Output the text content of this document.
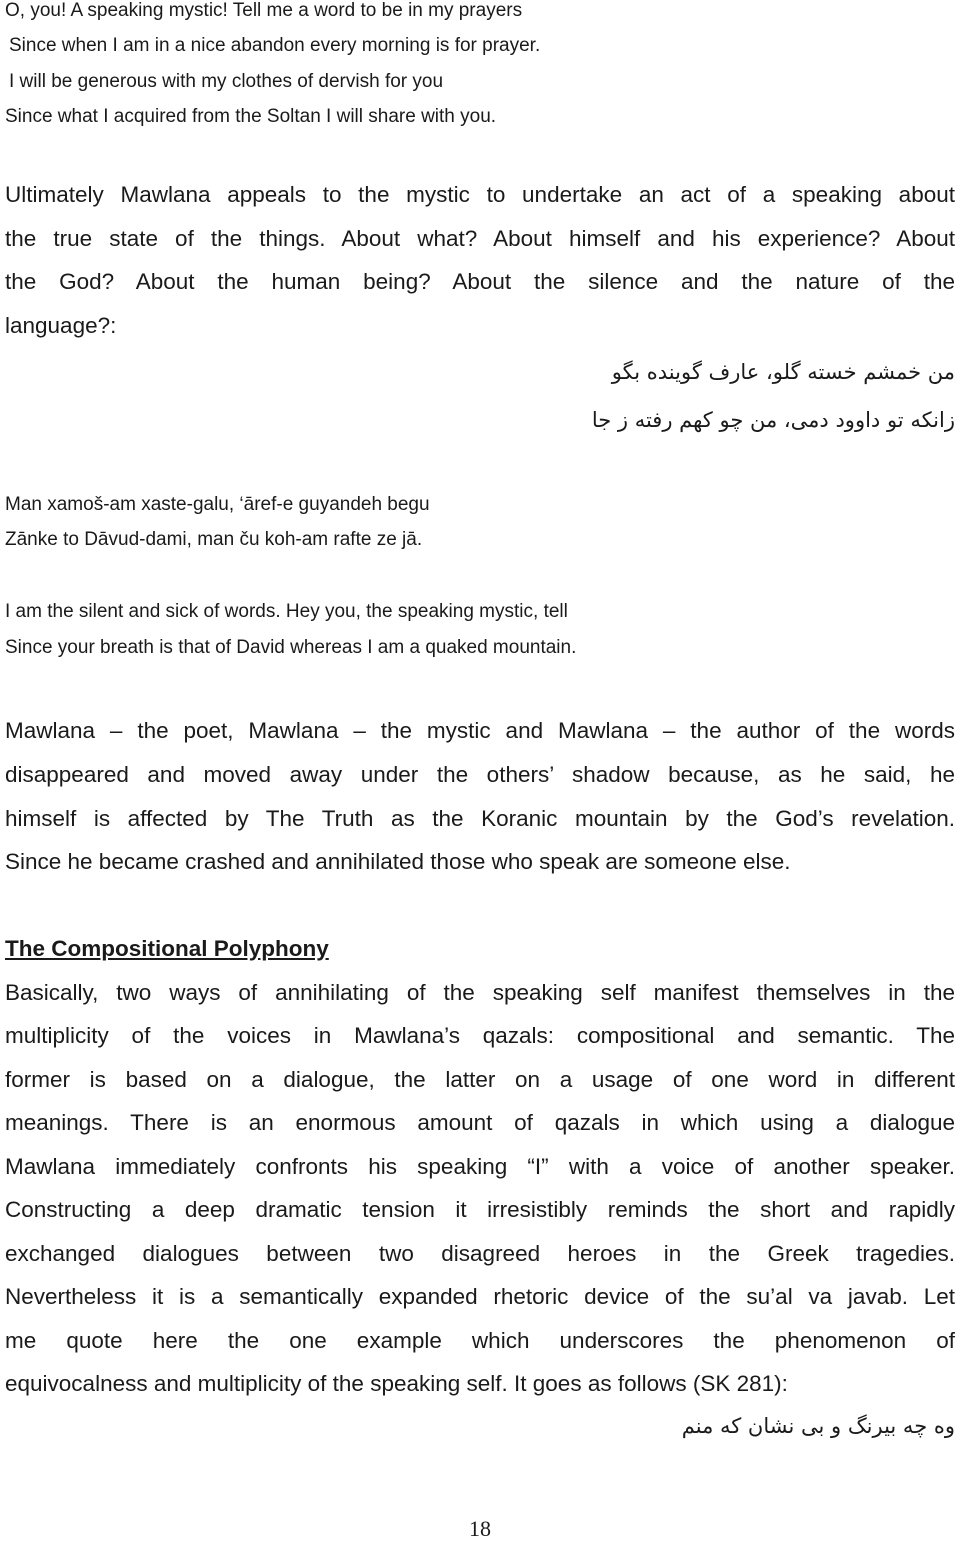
O, you! A speaking mystic! Tell me a word to be in my prayers
Since when I am in a nice abandon every morning is for prayer.
I will be generous with my clothes of dervish for you
Since what I acquired from the Soltan I will share with you.
Ultimately Mawlana appeals to the mystic to undertake an act of a speaking about
the true state of the things. About what? About himself and his experience? About
the God? About the human being? About the silence and the nature of the
language?:
من خمشم خسته گلو، عارف گوينده بگو
زانكه تو داوود دمی، من چو كهم رفته ز جا
Man xamoš-am xaste-galu, ‘āref-e guyandeh begu
Zānke to Dāvud-dami, man ču koh-am rafte ze jā.
I am the silent and sick of words. Hey you, the speaking mystic, tell
Since your breath is that of David whereas I am a quaked mountain.
Mawlana – the poet, Mawlana – the mystic and Mawlana – the author of the words
disappeared and moved away under the others’ shadow because, as he said, he
himself is affected by The Truth as the Koranic mountain by the God’s revelation.
Since he became crashed and annihilated those who speak are someone else.
The Compositional Polyphony
Basically, two ways of annihilating of the speaking self manifest themselves in the
multiplicity of the voices in Mawlana’s qazals: compositional and semantic. The
former is based on a dialogue, the latter on a usage of one word in different
meanings. There is an enormous amount of qazals in which using a dialogue
Mawlana immediately confronts his speaking “I” with a voice of another speaker.
Constructing a deep dramatic tension it irresistibly reminds the short and rapidly
exchanged dialogues between two disagreed heroes in the Greek tragedies.
Nevertheless it is a semantically expanded rhetoric device of the su’al va javab. Let
me quote here the one example which underscores the phenomenon of
equivocalness and multiplicity of the speaking self. It goes as follows (SK 281):
وه چه بيرنگ و بی نشان كه منم
18
